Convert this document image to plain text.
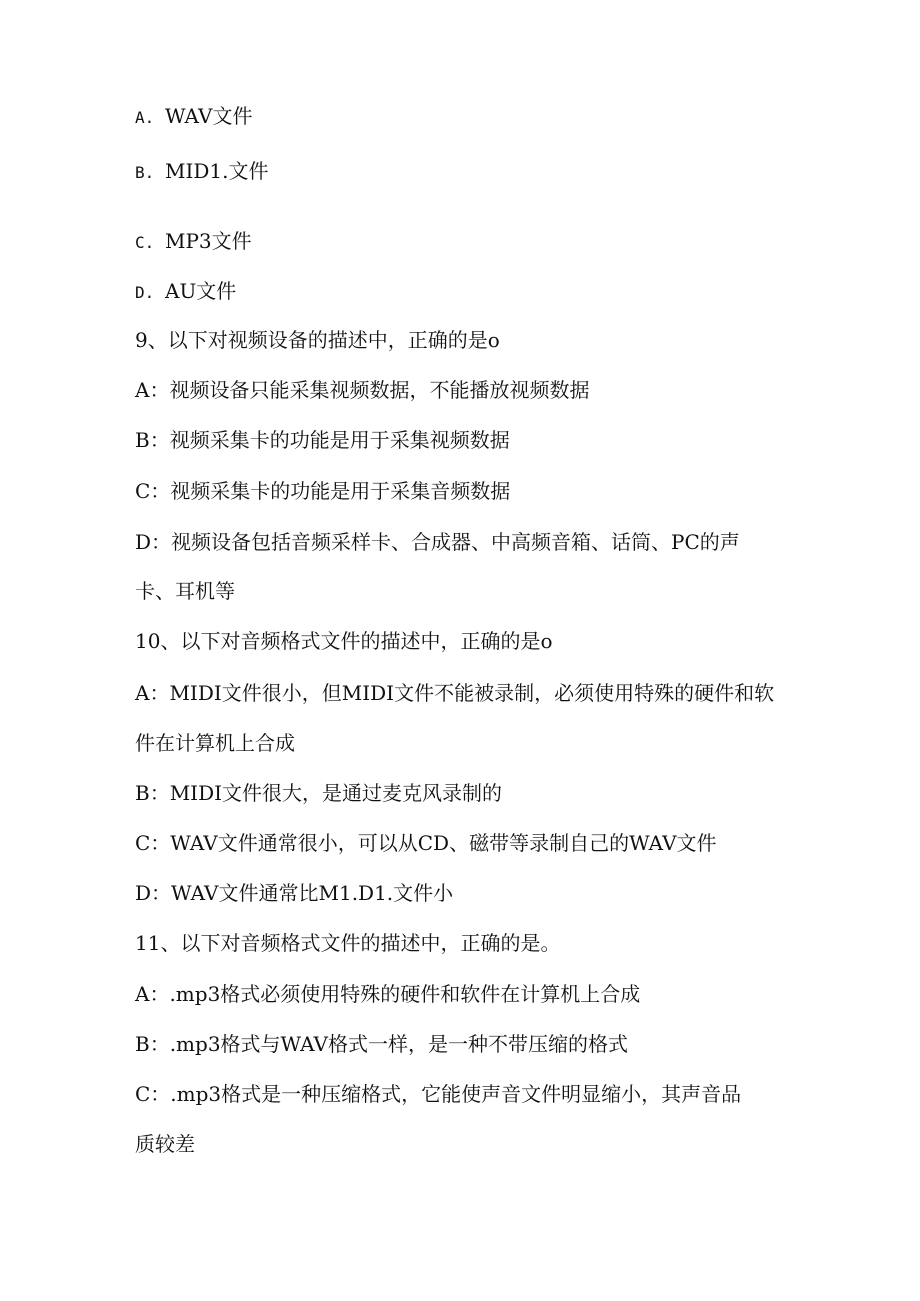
A. WAV文件
B. MID1.文件
C. MP3文件
D. AU文件
9、以下对视频设备的描述中，正确的是o
A：视频设备只能采集视频数据，不能播放视频数据
B：视频采集卡的功能是用于采集视频数据
C：视频采集卡的功能是用于采集音频数据
D：视频设备包括音频采样卡、合成器、中高频音箱、话筒、PC的声
卡、耳机等
10、以下对音频格式文件的描述中，正确的是o
A：MIDI文件很小，但MIDI文件不能被录制，必须使用特殊的硬件和软
件在计算机上合成
B：MIDI文件很大，是通过麦克风录制的
C：WAV文件通常很小，可以从CD、磁带等录制自己的WAV文件
D：WAV文件通常比M1.D1.文件小
11、以下对音频格式文件的描述中，正确的是。
A：.mp3格式必须使用特殊的硬件和软件在计算机上合成
B：.mp3格式与WAV格式一样，是一种不带压缩的格式
C：.mp3格式是一种压缩格式，它能使声音文件明显缩小，其声音品
质较差
